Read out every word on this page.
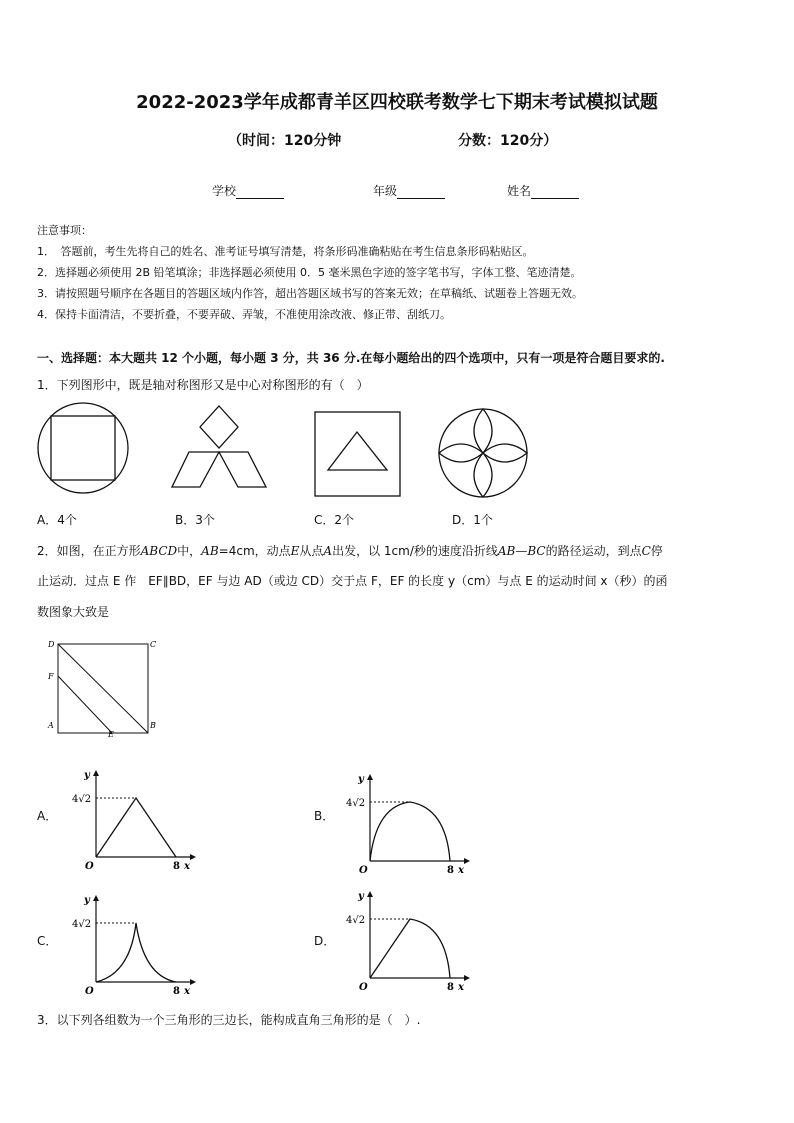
2022-2023学年成都青羊区四校联考数学七下期末考试模拟试题
（时间：120分钟	分数：120分）
学校	年级	姓名
注意事项：
1．　答题前，考生先将自己的姓名、准考证号填写清楚，将条形码准确粘贴在考生信息条形码粘贴区。
2．选择题必须使用 2B 铅笔填涂；非选择题必须使用 0．5 毫米黑色字迹的签字笔书写，字体工整、笔迹清楚。
3．请按照题号顺序在各题目的答题区域内作答，超出答题区域书写的答案无效；在草稿纸、试题卷上答题无效。
4．保持卡面清洁，不要折叠，不要弄破、弄皱，不准使用涂改液、修正带、刮纸刀。
一、选择题：本大题共 12 个小题，每小题 3 分，共 36 分.在每小题给出的四个选项中，只有一项是符合题目要求的.
1．下列图形中，既是轴对称图形又是中心对称图形的有（　）
A．4个	B．3个	C．2个	D．1个
2．如图，在正方形ABCD中，AB=4cm，动点E从点A出发，以 1cm/秒的速度沿折线AB—BC的路径运动，到点C停
止运动．过点 E 作　EF∥BD，EF 与边 AD（或边 CD）交于点 F，EF 的长度 y（cm）与点 E 的运动时间 x（秒）的函
数图象大致是
D	C
F
A
E
B
A．	B．
C．	D．
4√2
8 x
y
O
4√2
8 x
y
O
4√2
8 x
y
O
4√2
8 x
y
O
3．以下列各组数为一个三角形的三边长，能构成直角三角形的是（　）.
